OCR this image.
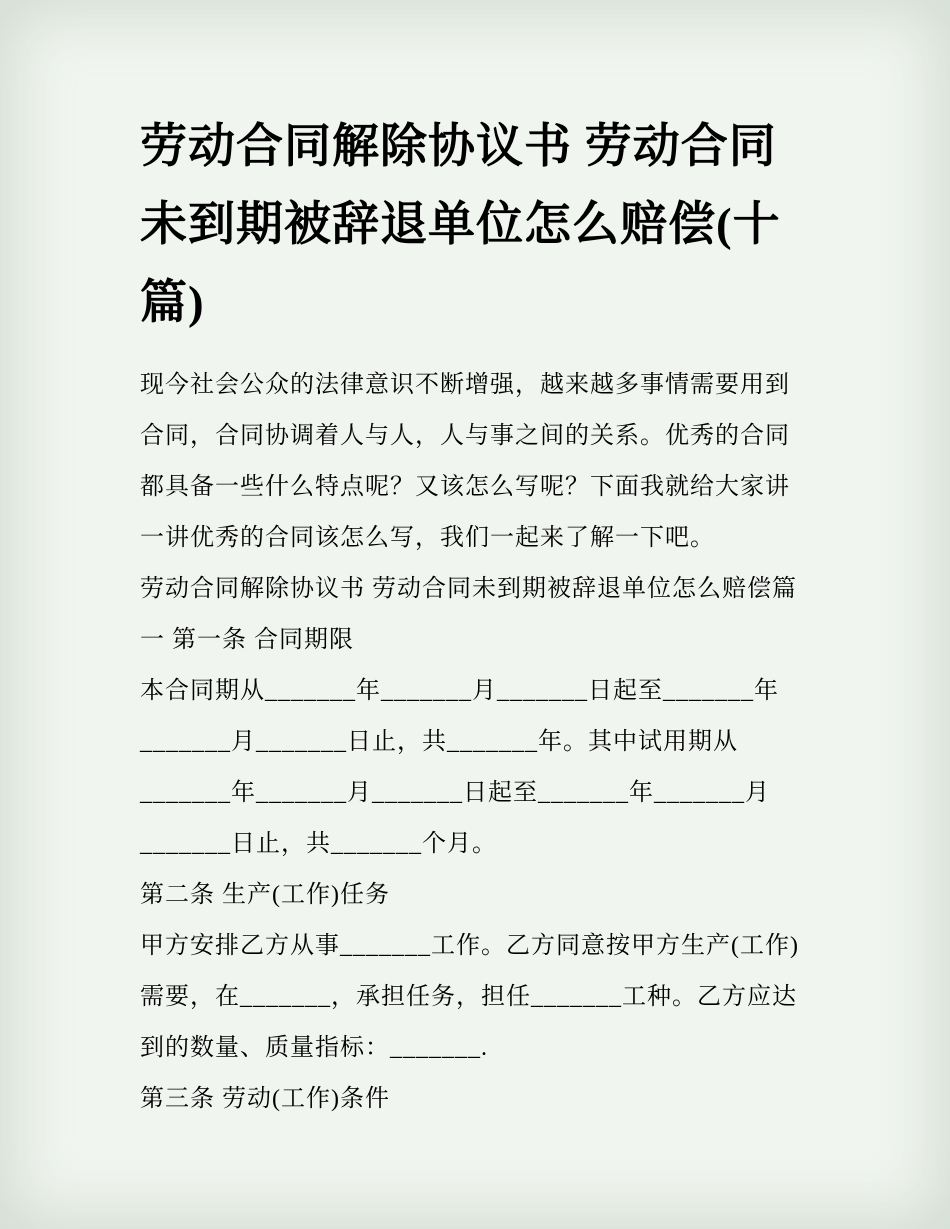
劳动合同解除协议书 劳动合同未到期被辞退单位怎么赔偿(十篇)

现今社会公众的法律意识不断增强，越来越多事情需要用到合同，合同协调着人与人，人与事之间的关系。优秀的合同都具备一些什么特点呢？又该怎么写呢？下面我就给大家讲一讲优秀的合同该怎么写，我们一起来了解一下吧。

劳动合同解除协议书 劳动合同未到期被辞退单位怎么赔偿篇一 第一条 合同期限

本合同期从_______年_______月_______日起至_______年_______月_______日止，共_______年。其中试用期从_______年_______月_______日起至_______年_______月_______日止，共_______个月。

第二条 生产(工作)任务

甲方安排乙方从事_______工作。乙方同意按甲方生产(工作)需要，在_______，承担任务，担任_______工种。乙方应达到的数量、质量指标：_______.

第三条 劳动(工作)条件
